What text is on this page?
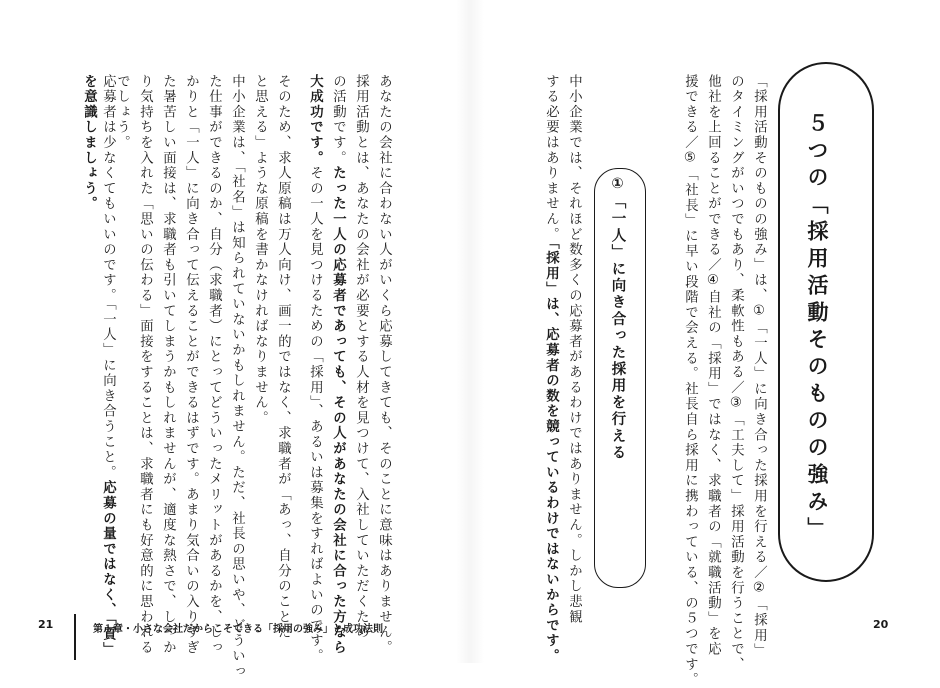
５つの「採用活動そのものの強み」
「採用活動そのものの強み」は、①「一人」に向き合った採用を行える／②「採用」
のタイミングがいつでもあり、柔軟性もある／③「工夫して」採用活動を行うことで、
他社を上回ることができる／④自社の「採用」ではなく、求職者の「就職活動」を応
援できる／⑤「社長」に早い段階で会える。社長自ら採用に携わっている、の５つです。
①「一人」に向き合った採用を行える
中小企業では、それほど数多くの応募者があるわけではありません。しかし悲観
する必要はありません。「採用」は、応募者の数を競っているわけではないからです。
あなたの会社に合わない人がいくら応募してきても、そのことに意味はありません。
採用活動とは、あなたの会社が必要とする人材を見つけて、入社していただくため
の活動です。たった一人の応募者であっても、その人があなたの会社に合った方なら
大成功です。その一人を見つけるための「採用」、あるいは募集をすればよいのです。
そのため、求人原稿は万人向け、画一的ではなく、求職者が「あっ、自分のことだ
と思える」ような原稿を書かなければなりません。
中小企業は、「社名」は知られていないかもしれません。ただ、社長の思いや、どういっ
た仕事ができるのか、自分（求職者）にとってどういったメリットがあるかを、しっ
かりと「一人」に向き合って伝えることができるはずです。あまり気合いの入りすぎ
た暑苦しい面接は、求職者も引いてしまうかもしれませんが、適度な熱さで、しっか
り気持ちを入れた「思いの伝わる」面接をすることは、求職者にも好意的に思われる
でしょう。
応募者は少なくてもいいのです。「一人」に向き合うこと。応募の量ではなく、「質」
を意識しましょう。
21	第１章・小さな会社だからこそできる「採用の強み」と成功法則	20
